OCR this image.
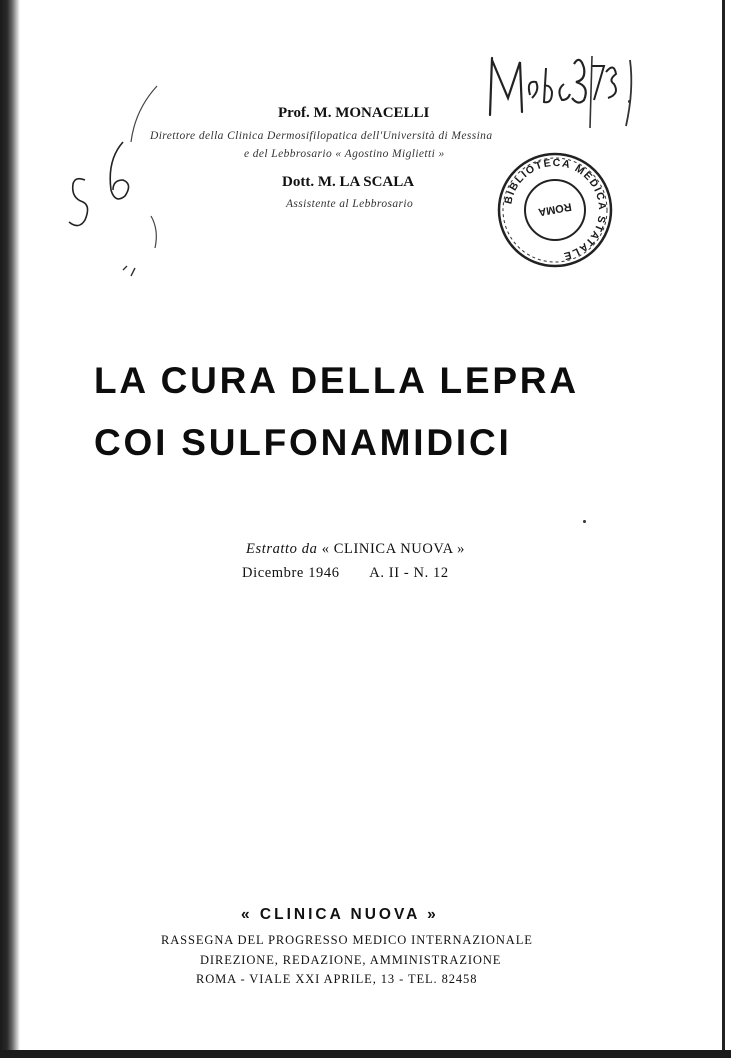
Prof. M. MONACELLI
Direttore della Clinica Dermosifilopatica dell'Università di Messina
e del Lebbrosario « Agostino Miglietti »
Dott. M. LA SCALA
Assistente al Lebbrosario	BIBLIOTECA MEDICA STATALE
ROMA
LA CURA DELLA LEPRA
COI SULFONAMIDICI
Estratto da « CLINICA NUOVA »
Dicembre 1946 A. II - N. 12
« CLINICA NUOVA »
RASSEGNA DEL PROGRESSO MEDICO INTERNAZIONALE
DIREZIONE, REDAZIONE, AMMINISTRAZIONE
ROMA - VIALE XXI APRILE, 13 - TEL. 82458
